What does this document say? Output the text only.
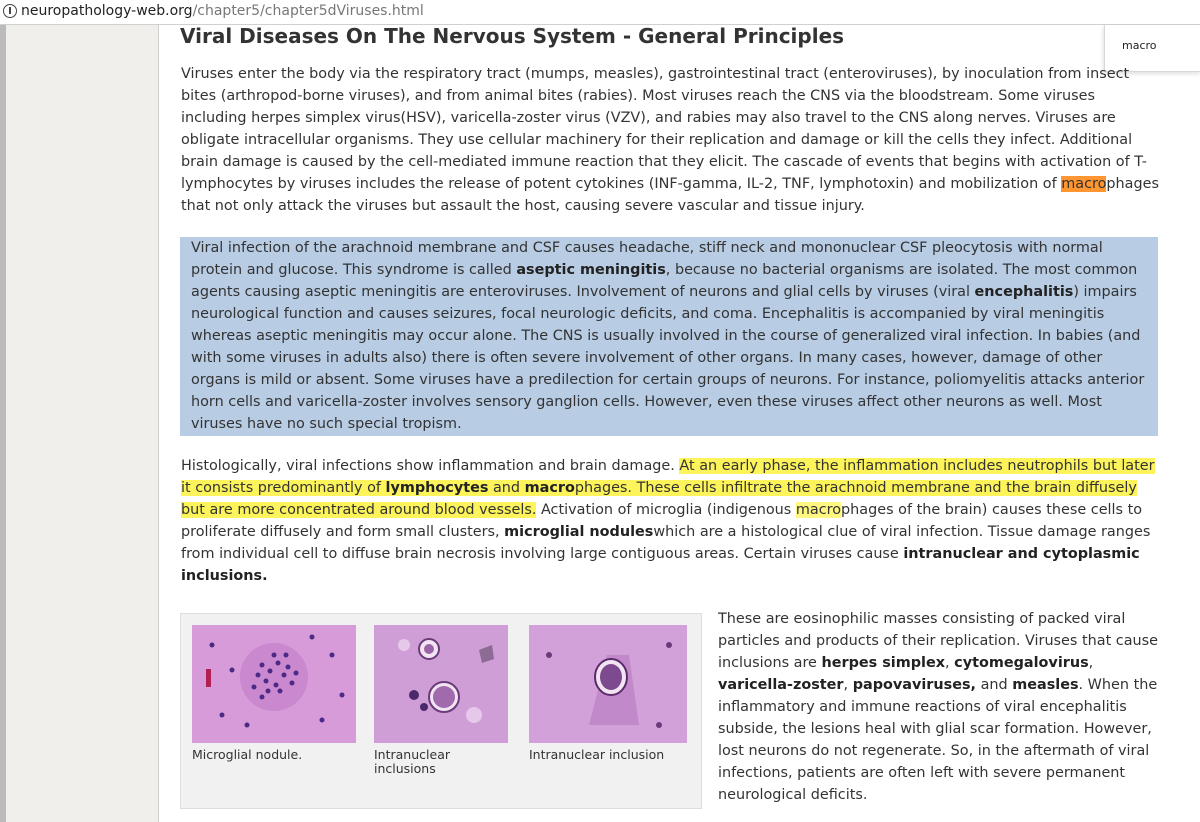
neuropathology-web.org/chapter5/chapter5dViruses.html
Viral Diseases On The Nervous System - General Principles	macro

Viruses enter the body via the respiratory tract (mumps, measles), gastrointestinal tract (enteroviruses), by inoculation from insect bites (arthropod-borne viruses), and from animal bites (rabies). Most viruses reach the CNS via the bloodstream. Some viruses including herpes simplex virus(HSV), varicella-zoster virus (VZV), and rabies may also travel to the CNS along nerves. Viruses are obligate intracellular organisms. They use cellular machinery for their replication and damage or kill the cells they infect. Additional brain damage is caused by the cell-mediated immune reaction that they elicit. The cascade of events that begins with activation of T-lymphocytes by viruses includes the release of potent cytokines (INF-gamma, IL-2, TNF, lymphotoxin) and mobilization of macrophages that not only attack the viruses but assault the host, causing severe vascular and tissue injury.

Viral infection of the arachnoid membrane and CSF causes headache, stiff neck and mononuclear CSF pleocytosis with normal protein and glucose. This syndrome is called aseptic meningitis, because no bacterial organisms are isolated. The most common agents causing aseptic meningitis are enteroviruses. Involvement of neurons and glial cells by viruses (viral encephalitis) impairs neurological function and causes seizures, focal neurologic deficits, and coma. Encephalitis is accompanied by viral meningitis whereas aseptic meningitis may occur alone. The CNS is usually involved in the course of generalized viral infection. In babies (and with some viruses in adults also) there is often severe involvement of other organs. In many cases, however, damage of other organs is mild or absent. Some viruses have a predilection for certain groups of neurons. For instance, poliomyelitis attacks anterior horn cells and varicella-zoster involves sensory ganglion cells. However, even these viruses affect other neurons as well. Most viruses have no such special tropism.

Histologically, viral infections show inflammation and brain damage. At an early phase, the inflammation includes neutrophils but later it consists predominantly of lymphocytes and macrophages. These cells infiltrate the arachnoid membrane and the brain diffusely but are more concentrated around blood vessels. Activation of microglia (indigenous macrophages of the brain) causes these cells to proliferate diffusely and form small clusters, microglial noduleswhich are a histological clue of viral infection. Tissue damage ranges from individual cell to diffuse brain necrosis involving large contiguous areas. Certain viruses cause intranuclear and cytoplasmic inclusions.

Microglial nodule.	Intranuclear inclusions
Intranuclear inclusion

These are eosinophilic masses consisting of packed viral particles and products of their replication. Viruses that cause inclusions are herpes simplex, cytomegalovirus, varicella-zoster, papovaviruses, and measles. When the inflammatory and immune reactions of viral encephalitis subside, the lesions heal with glial scar formation. However, lost neurons do not regenerate. So, in the aftermath of viral infections, patients are often left with severe permanent neurological deficits.
